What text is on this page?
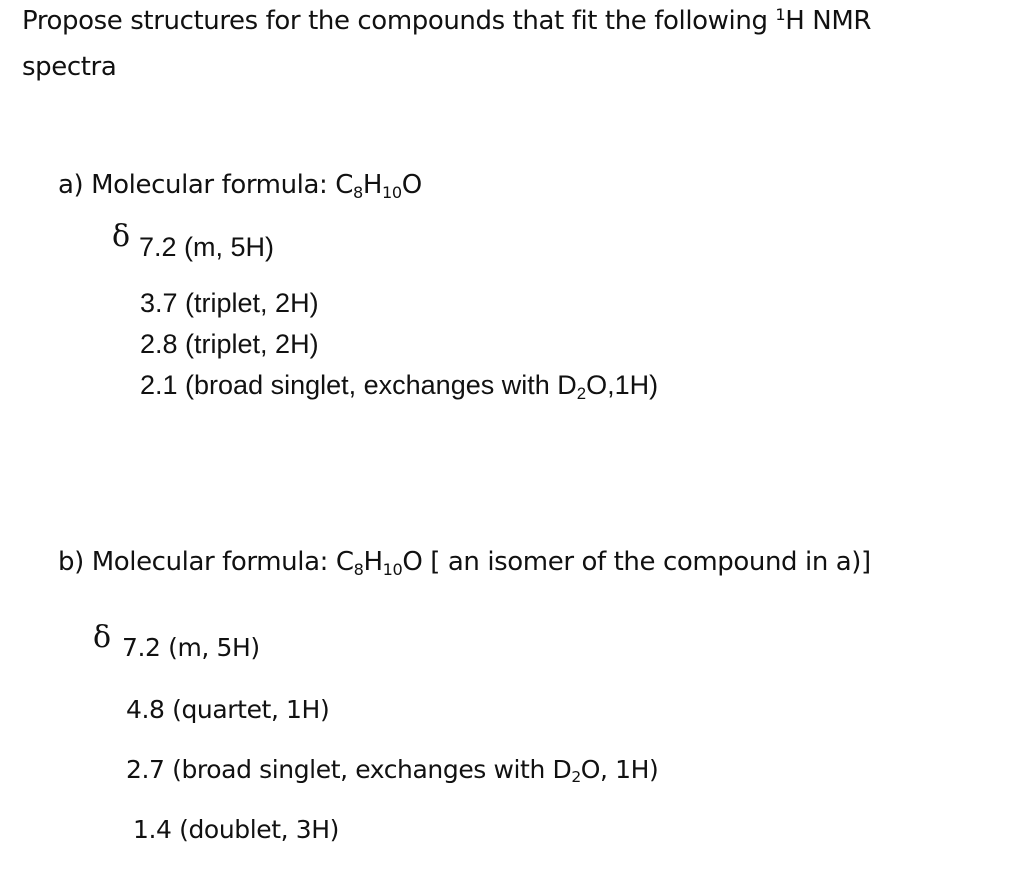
Propose structures for the compounds that fit the following $^1$H NMR

spectra

a) Molecular formula: C8H10O

δ 7.2 (m, 5H)

3.7 (triplet, 2H)

2.8 (triplet, 2H)

2.1 (broad singlet, exchanges with D2O,1H)

b) Molecular formula: C8H10O [ an isomer of the compound in a)]

δ 7.2 (m, 5H)

4.8 (quartet, 1H)

2.7 (broad singlet, exchanges with D2O, 1H)

1.4 (doublet, 3H)
